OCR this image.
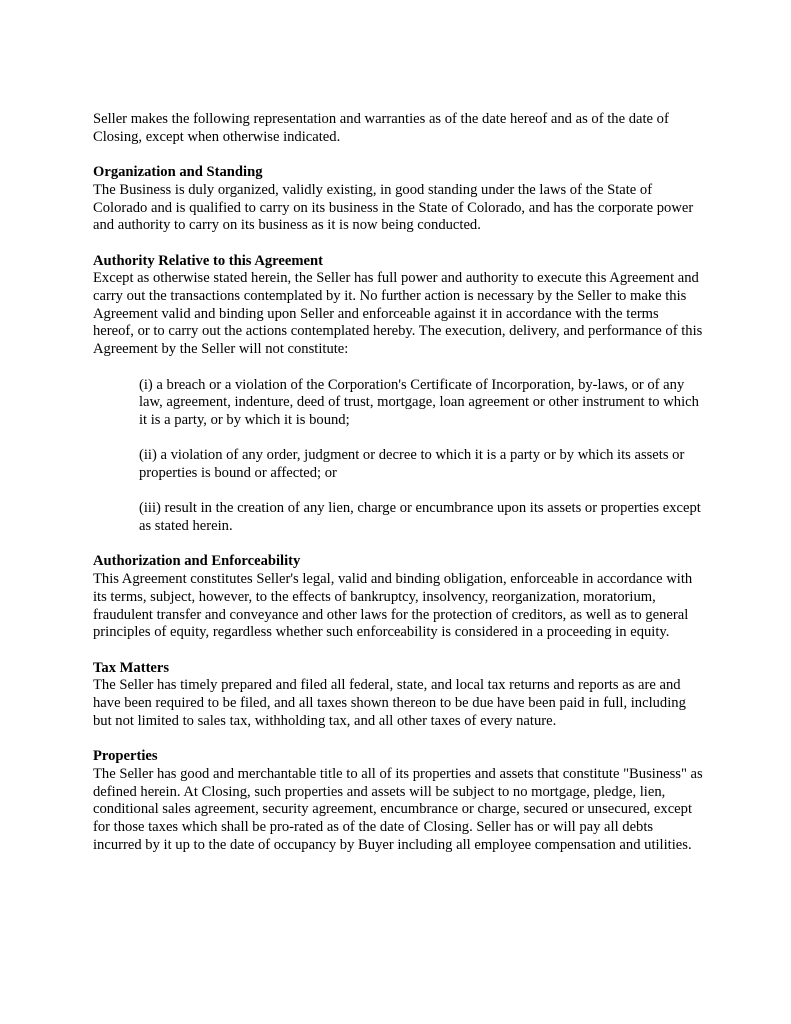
Seller makes the following representation and warranties as of the date hereof and as of the date of Closing, except when otherwise indicated.

Organization and Standing

The Business is duly organized, validly existing, in good standing under the laws of the State of Colorado and is qualified to carry on its business in the State of Colorado, and has the corporate power and authority to carry on its business as it is now being conducted.

Authority Relative to this Agreement

Except as otherwise stated herein, the Seller has full power and authority to execute this Agreement and carry out the transactions contemplated by it. No further action is necessary by the Seller to make this Agreement valid and binding upon Seller and enforceable against it in accordance with the terms hereof, or to carry out the actions contemplated hereby. The execution, delivery, and performance of this Agreement by the Seller will not constitute:

(i) a breach or a violation of the Corporation's Certificate of Incorporation, by-laws, or of any law, agreement, indenture, deed of trust, mortgage, loan agreement or other instrument to which it is a party, or by which it is bound;

(ii) a violation of any order, judgment or decree to which it is a party or by which its assets or properties is bound or affected; or

(iii) result in the creation of any lien, charge or encumbrance upon its assets or properties except as stated herein.

Authorization and Enforceability

This Agreement constitutes Seller's legal, valid and binding obligation, enforceable in accordance with its terms, subject, however, to the effects of bankruptcy, insolvency, reorganization, moratorium, fraudulent transfer and conveyance and other laws for the protection of creditors, as well as to general principles of equity, regardless whether such enforceability is considered in a proceeding in equity.

Tax Matters

The Seller has timely prepared and filed all federal, state, and local tax returns and reports as are and have been required to be filed, and all taxes shown thereon to be due have been paid in full, including but not limited to sales tax, withholding tax, and all other taxes of every nature.

Properties

The Seller has good and merchantable title to all of its properties and assets that constitute "Business" as defined herein. At Closing, such properties and assets will be subject to no mortgage, pledge, lien, conditional sales agreement, security agreement, encumbrance or charge, secured or unsecured, except for those taxes which shall be pro-rated as of the date of Closing. Seller has or will pay all debts incurred by it up to the date of occupancy by Buyer including all employee compensation and utilities.
